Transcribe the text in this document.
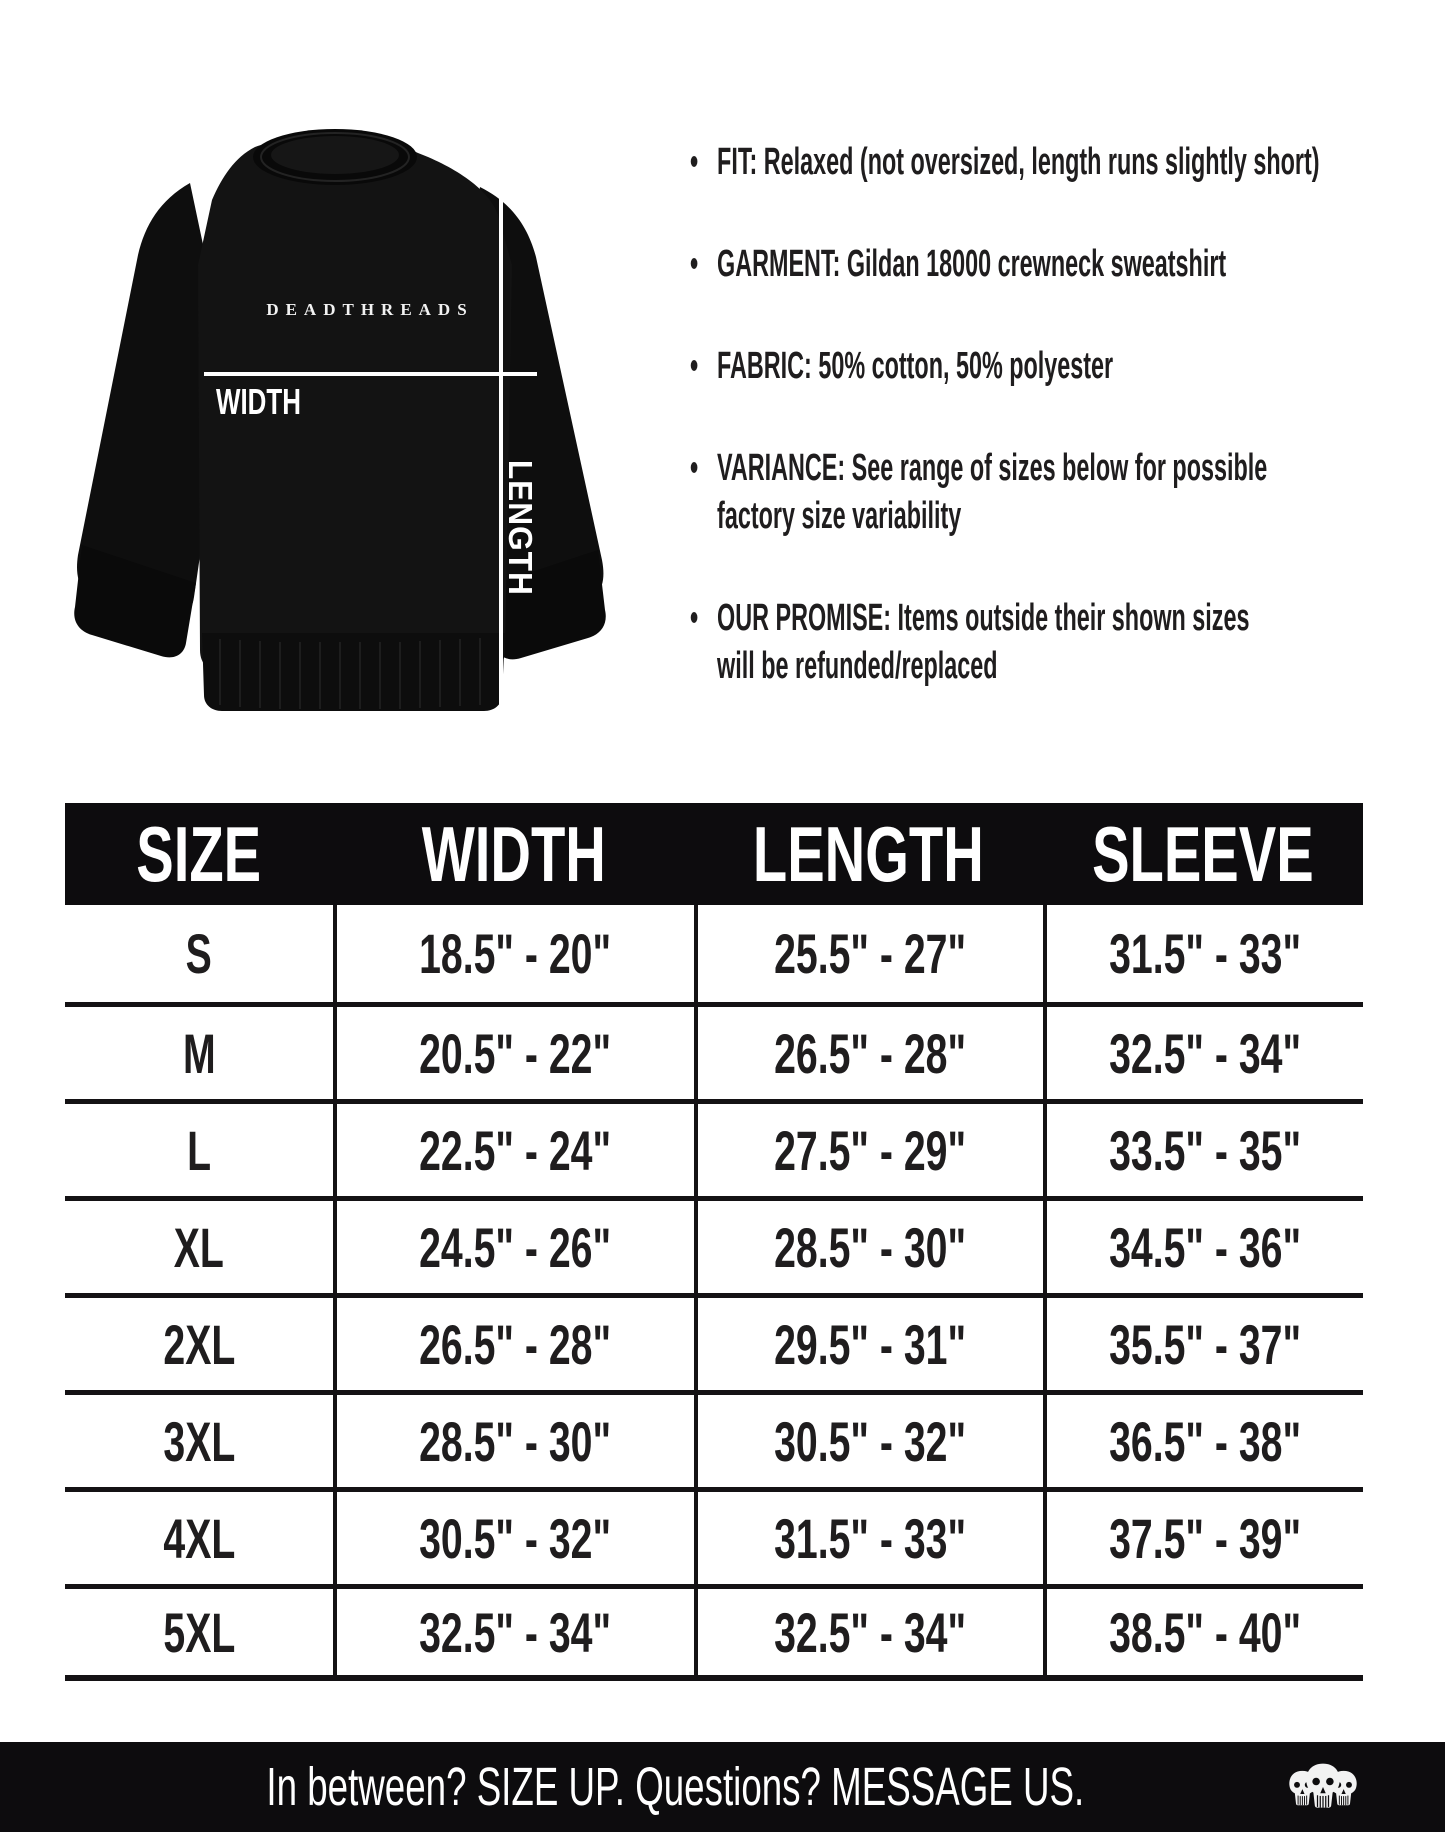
DEADTHREADS
WIDTH
LENGTH
• FIT: Relaxed (not oversized, length runs slightly short)
• GARMENT: Gildan 18000 crewneck sweatshirt
• FABRIC: 50% cotton, 50% polyester
• VARIANCE: See range of sizes below for possible
factory size variability
• OUR PROMISE: Items outside their shown sizes
will be refunded/replaced
SIZE	WIDTH	LENGTH	SLEEVE
S	18.5" - 20"	25.5" - 27"	31.5" - 33"
M	20.5" - 22"	26.5" - 28"	32.5" - 34"
L	22.5" - 24"	27.5" - 29"	33.5" - 35"
XL	24.5" - 26"	28.5" - 30"	34.5" - 36"
2XL	26.5" - 28"	29.5" - 31"	35.5" - 37"
3XL	28.5" - 30"	30.5" - 32"	36.5" - 38"
4XL	30.5" - 32"	31.5" - 33"	37.5" - 39"
5XL	32.5" - 34"	32.5" - 34"	38.5" - 40"
In between? SIZE UP. Questions? MESSAGE US.
